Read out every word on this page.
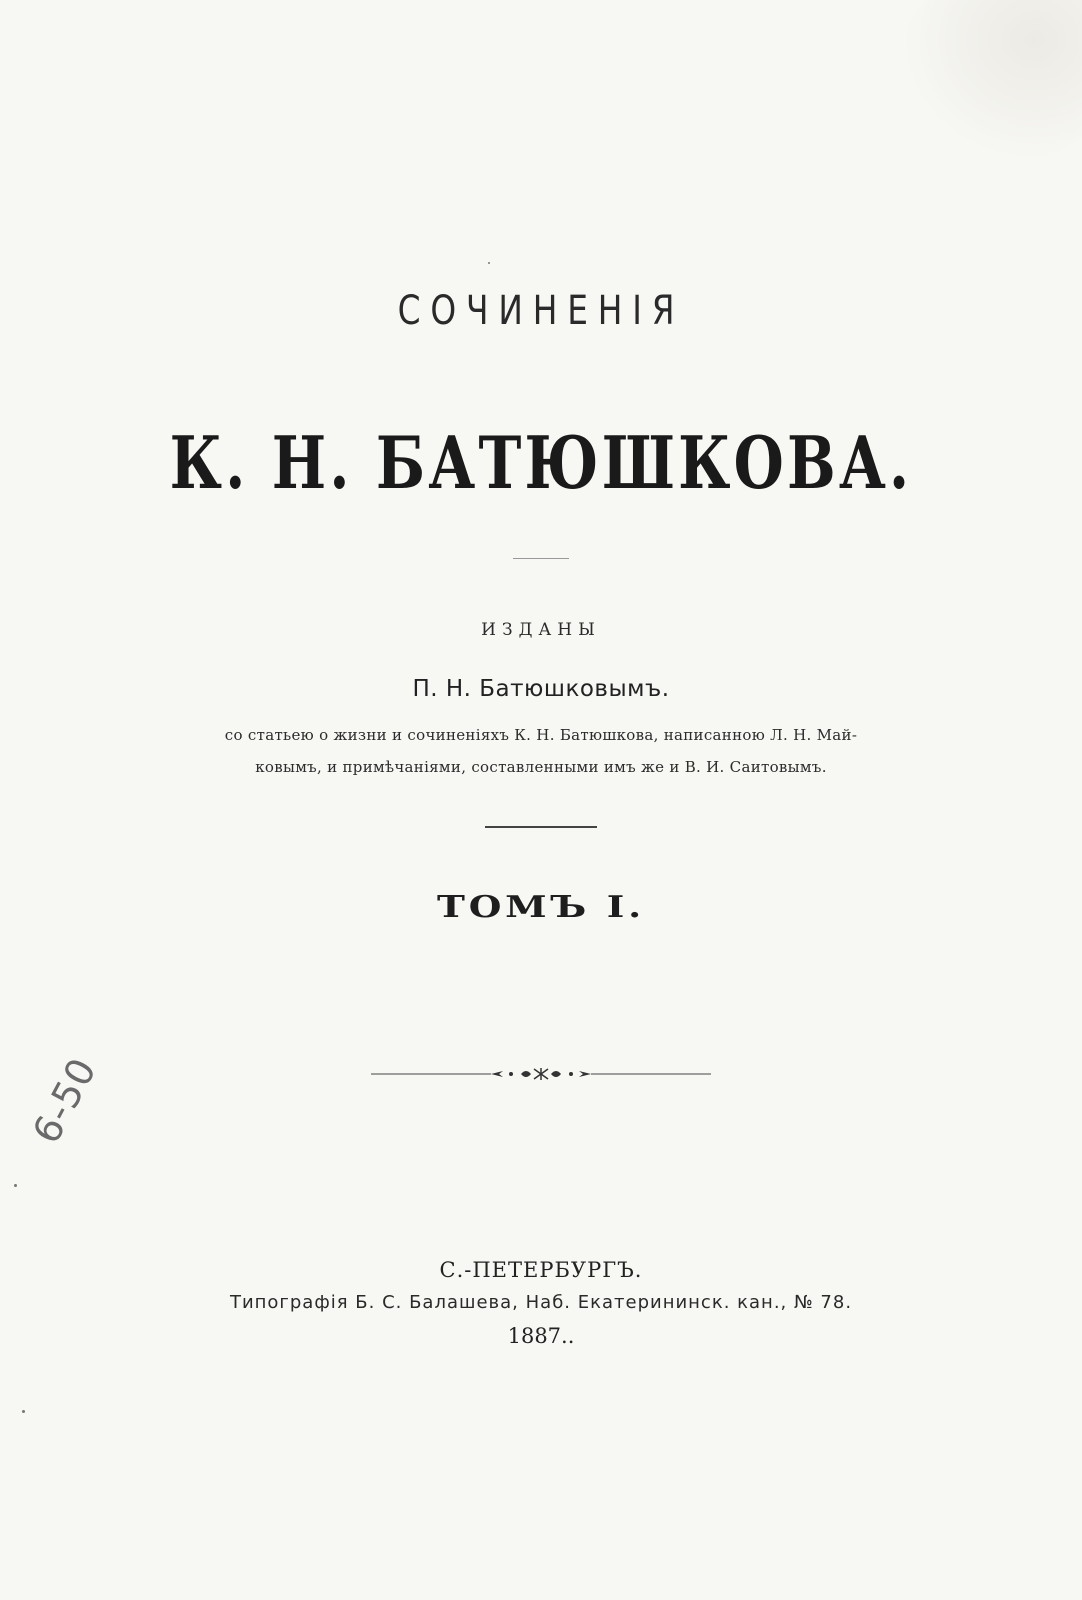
СОЧИНЕНІЯ
К. Н. БАТЮШКОВА.
ИЗДАНЫ
П. Н. Батюшковымъ.
со статьею о жизни и сочиненіяхъ К. Н. Батюшкова, написанною Л. Н. Май-
ковымъ, и примѣчаніями, составленными имъ же и В. И. Саитовымъ.
ТОМЪ I.
6-50
С.-ПЕТЕРБУРГЪ.
Типографія Б. С. Балашева, Наб. Екатерининск. кан., № 78.
1887..
